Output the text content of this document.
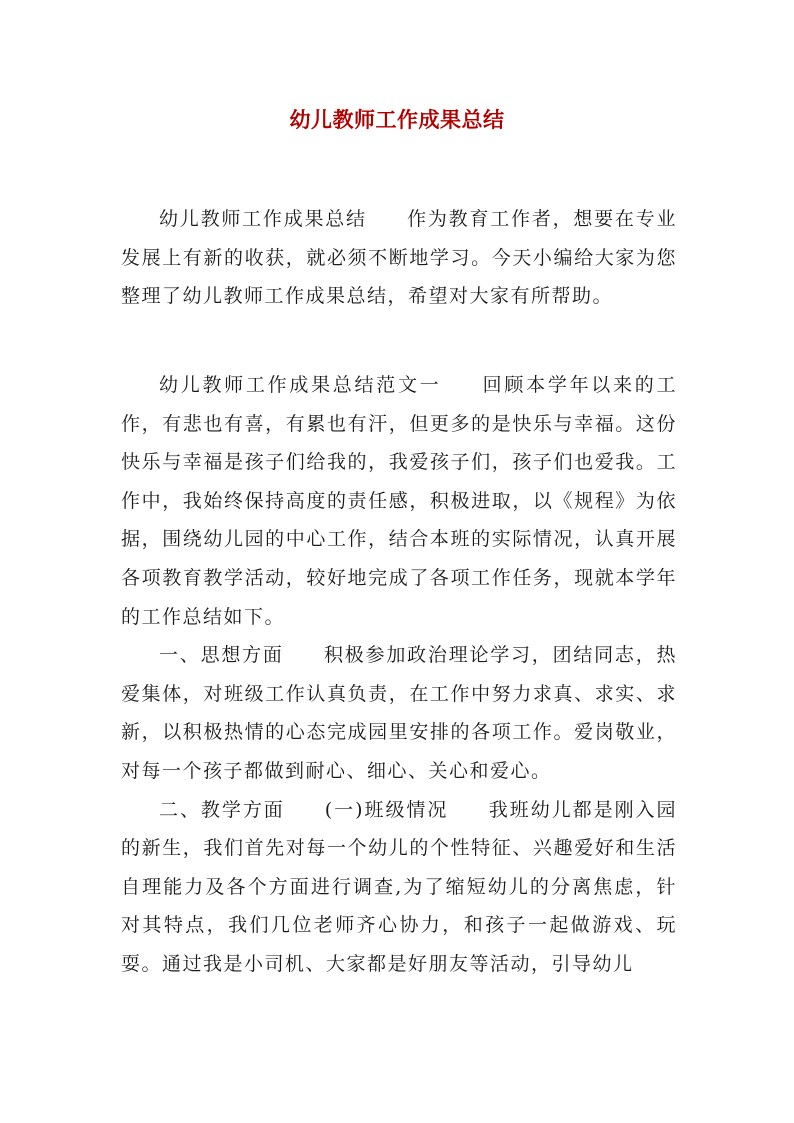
幼儿教师工作成果总结

幼儿教师工作成果总结 作为教育工作者，想要在专业发展上有新的收获，就必须不断地学习。今天小编给大家为您整理了幼儿教师工作成果总结，希望对大家有所帮助。

幼儿教师工作成果总结范文一 回顾本学年以来的工作，有悲也有喜，有累也有汗，但更多的是快乐与幸福。这份快乐与幸福是孩子们给我的，我爱孩子们，孩子们也爱我。工作中，我始终保持高度的责任感，积极进取，以《规程》为依据，围绕幼儿园的中心工作，结合本班的实际情况，认真开展各项教育教学活动，较好地完成了各项工作任务，现就本学年的工作总结如下。

一、思想方面 积极参加政治理论学习，团结同志，热爱集体，对班级工作认真负责，在工作中努力求真、求实、求新，以积极热情的心态完成园里安排的各项工作。爱岗敬业，对每一个孩子都做到耐心、细心、关心和爱心。

二、教学方面 (一)班级情况 我班幼儿都是刚入园的新生，我们首先对每一个幼儿的个性特征、兴趣爱好和生活自理能力及各个方面进行调查,为了缩短幼儿的分离焦虑，针对其特点，我们几位老师齐心协力，和孩子一起做游戏、玩耍。通过我是小司机、大家都是好朋友等活动，引导幼儿
